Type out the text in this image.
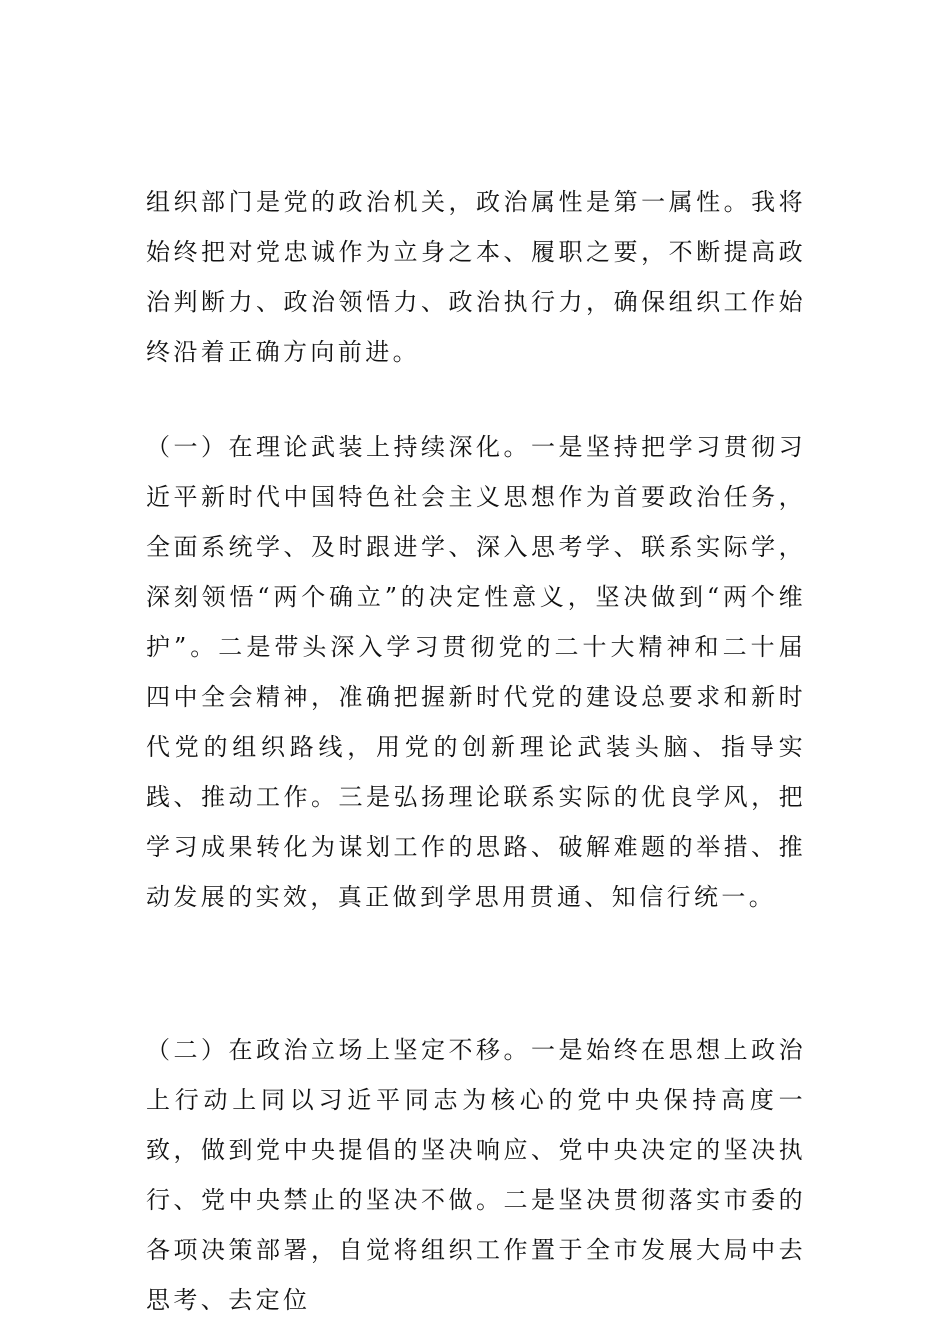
组织部门是党的政治机关，政治属性是第一属性。我将始终把对党忠诚作为立身之本、履职之要，不断提高政治判断力、政治领悟力、政治执行力，确保组织工作始终沿着正确方向前进。

（一）在理论武装上持续深化。一是坚持把学习贯彻习近平新时代中国特色社会主义思想作为首要政治任务，全面系统学、及时跟进学、深入思考学、联系实际学，深刻领悟“两个确立”的决定性意义，坚决做到“两个维护”。二是带头深入学习贯彻党的二十大精神和二十届四中全会精神，准确把握新时代党的建设总要求和新时代党的组织路线，用党的创新理论武装头脑、指导实践、推动工作。三是弘扬理论联系实际的优良学风，把学习成果转化为谋划工作的思路、破解难题的举措、推动发展的实效，真正做到学思用贯通、知信行统一。

（二）在政治立场上坚定不移。一是始终在思想上政治上行动上同以习近平同志为核心的党中央保持高度一致，做到党中央提倡的坚决响应、党中央决定的坚决执行、党中央禁止的坚决不做。二是坚决贯彻落实市委的各项决策部署，自觉将组织工作置于全市发展大局中去思考、去定位
